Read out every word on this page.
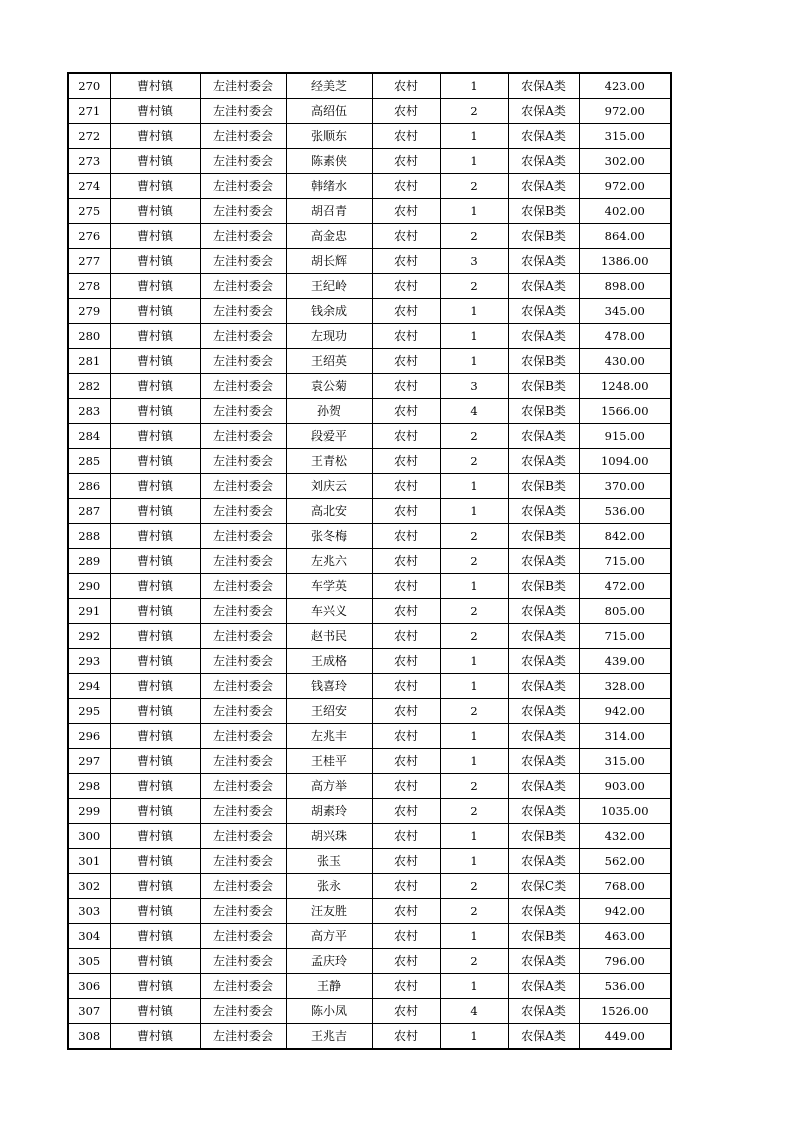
270	曹村镇	左洼村委会	经美芝	农村	1	农保A类	423.00
271	曹村镇	左洼村委会	高绍伍	农村	2	农保A类	972.00
272	曹村镇	左洼村委会	张顺东	农村	1	农保A类	315.00
273	曹村镇	左洼村委会	陈素侠	农村	1	农保A类	302.00
274	曹村镇	左洼村委会	韩绪水	农村	2	农保A类	972.00
275	曹村镇	左洼村委会	胡召青	农村	1	农保B类	402.00
276	曹村镇	左洼村委会	高金忠	农村	2	农保B类	864.00
277	曹村镇	左洼村委会	胡长辉	农村	3	农保A类	1386.00
278	曹村镇	左洼村委会	王纪岭	农村	2	农保A类	898.00
279	曹村镇	左洼村委会	钱余成	农村	1	农保A类	345.00
280	曹村镇	左洼村委会	左现功	农村	1	农保A类	478.00
281	曹村镇	左洼村委会	王绍英	农村	1	农保B类	430.00
282	曹村镇	左洼村委会	袁公菊	农村	3	农保B类	1248.00
283	曹村镇	左洼村委会	孙贺	农村	4	农保B类	1566.00
284	曹村镇	左洼村委会	段爱平	农村	2	农保A类	915.00
285	曹村镇	左洼村委会	王青松	农村	2	农保A类	1094.00
286	曹村镇	左洼村委会	刘庆云	农村	1	农保B类	370.00
287	曹村镇	左洼村委会	高北安	农村	1	农保A类	536.00
288	曹村镇	左洼村委会	张冬梅	农村	2	农保B类	842.00
289	曹村镇	左洼村委会	左兆六	农村	2	农保A类	715.00
290	曹村镇	左洼村委会	车学英	农村	1	农保B类	472.00
291	曹村镇	左洼村委会	车兴义	农村	2	农保A类	805.00
292	曹村镇	左洼村委会	赵书民	农村	2	农保A类	715.00
293	曹村镇	左洼村委会	王成格	农村	1	农保A类	439.00
294	曹村镇	左洼村委会	钱喜玲	农村	1	农保A类	328.00
295	曹村镇	左洼村委会	王绍安	农村	2	农保A类	942.00
296	曹村镇	左洼村委会	左兆丰	农村	1	农保A类	314.00
297	曹村镇	左洼村委会	王桂平	农村	1	农保A类	315.00
298	曹村镇	左洼村委会	高方举	农村	2	农保A类	903.00
299	曹村镇	左洼村委会	胡素玲	农村	2	农保A类	1035.00
300	曹村镇	左洼村委会	胡兴珠	农村	1	农保B类	432.00
301	曹村镇	左洼村委会	张玉	农村	1	农保A类	562.00
302	曹村镇	左洼村委会	张永	农村	2	农保C类	768.00
303	曹村镇	左洼村委会	汪友胜	农村	2	农保A类	942.00
304	曹村镇	左洼村委会	高方平	农村	1	农保B类	463.00
305	曹村镇	左洼村委会	孟庆玲	农村	2	农保A类	796.00
306	曹村镇	左洼村委会	王静	农村	1	农保A类	536.00
307	曹村镇	左洼村委会	陈小凤	农村	4	农保A类	1526.00
308	曹村镇	左洼村委会	王兆吉	农村	1	农保A类	449.00
